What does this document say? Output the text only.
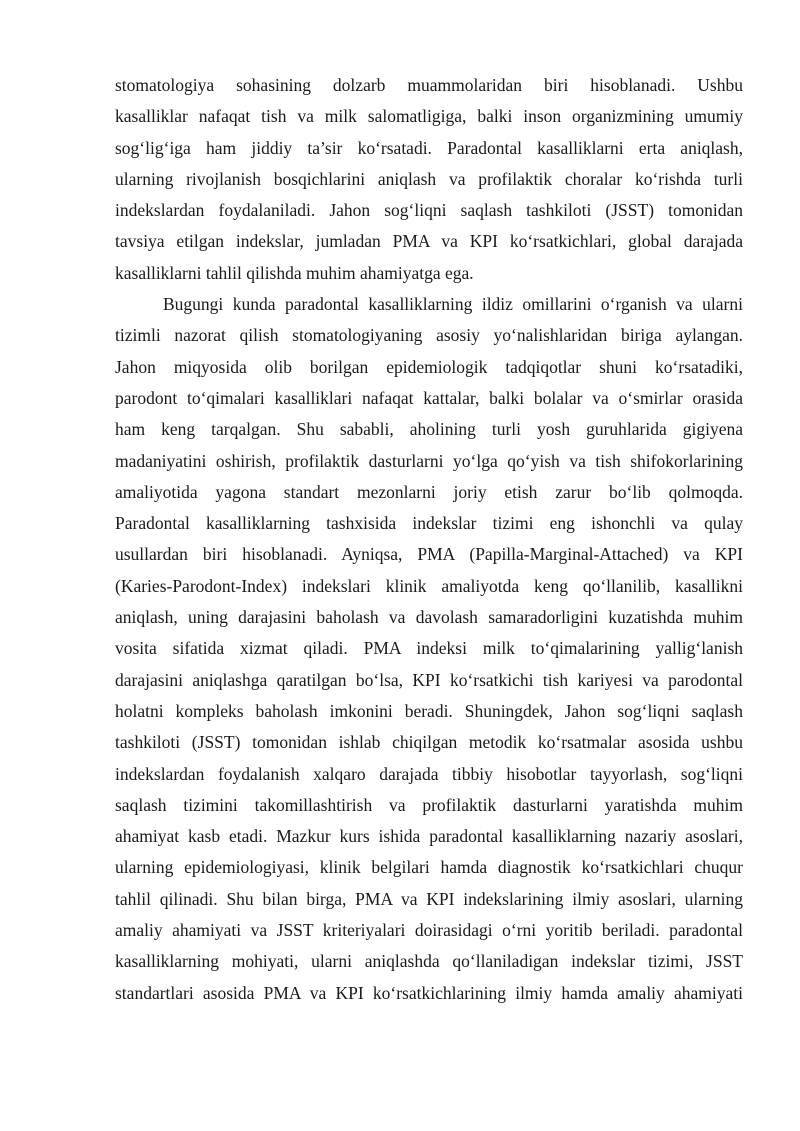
stomatologiya sohasining dolzarb muammolaridan biri hisoblanadi. Ushbu
kasalliklar nafaqat tish va milk salomatligiga, balki inson organizmining umumiy
sog‘lig‘iga ham jiddiy ta’sir ko‘rsatadi. Paradontal kasalliklarni erta aniqlash,
ularning rivojlanish bosqichlarini aniqlash va profilaktik choralar ko‘rishda turli
indekslardan foydalaniladi. Jahon sog‘liqni saqlash tashkiloti (JSST) tomonidan
tavsiya etilgan indekslar, jumladan PMA va KPI ko‘rsatkichlari, global darajada
kasalliklarni tahlil qilishda muhim ahamiyatga ega.
Bugungi kunda paradontal kasalliklarning ildiz omillarini o‘rganish va ularni
tizimli nazorat qilish stomatologiyaning asosiy yo‘nalishlaridan biriga aylangan.
Jahon miqyosida olib borilgan epidemiologik tadqiqotlar shuni ko‘rsatadiki,
parodont to‘qimalari kasalliklari nafaqat kattalar, balki bolalar va o‘smirlar orasida
ham keng tarqalgan. Shu sababli, aholining turli yosh guruhlarida gigiyena
madaniyatini oshirish, profilaktik dasturlarni yo‘lga qo‘yish va tish shifokorlarining
amaliyotida yagona standart mezonlarni joriy etish zarur bo‘lib qolmoqda.
Paradontal kasalliklarning tashxisida indekslar tizimi eng ishonchli va qulay
usullardan biri hisoblanadi. Ayniqsa, PMA (Papilla-Marginal-Attached) va KPI
(Karies-Parodont-Index) indekslari klinik amaliyotda keng qo‘llanilib, kasallikni
aniqlash, uning darajasini baholash va davolash samaradorligini kuzatishda muhim
vosita sifatida xizmat qiladi. PMA indeksi milk to‘qimalarining yallig‘lanish
darajasini aniqlashga qaratilgan bo‘lsa, KPI ko‘rsatkichi tish kariyesi va parodontal
holatni kompleks baholash imkonini beradi. Shuningdek, Jahon sog‘liqni saqlash
tashkiloti (JSST) tomonidan ishlab chiqilgan metodik ko‘rsatmalar asosida ushbu
indekslardan foydalanish xalqaro darajada tibbiy hisobotlar tayyorlash, sog‘liqni
saqlash tizimini takomillashtirish va profilaktik dasturlarni yaratishda muhim
ahamiyat kasb etadi. Mazkur kurs ishida paradontal kasalliklarning nazariy asoslari,
ularning epidemiologiyasi, klinik belgilari hamda diagnostik ko‘rsatkichlari chuqur
tahlil qilinadi. Shu bilan birga, PMA va KPI indekslarining ilmiy asoslari, ularning
amaliy ahamiyati va JSST kriteriyalari doirasidagi o‘rni yoritib beriladi. paradontal
kasalliklarning mohiyati, ularni aniqlashda qo‘llaniladigan indekslar tizimi, JSST
standartlari asosida PMA va KPI ko‘rsatkichlarining ilmiy hamda amaliy ahamiyati
